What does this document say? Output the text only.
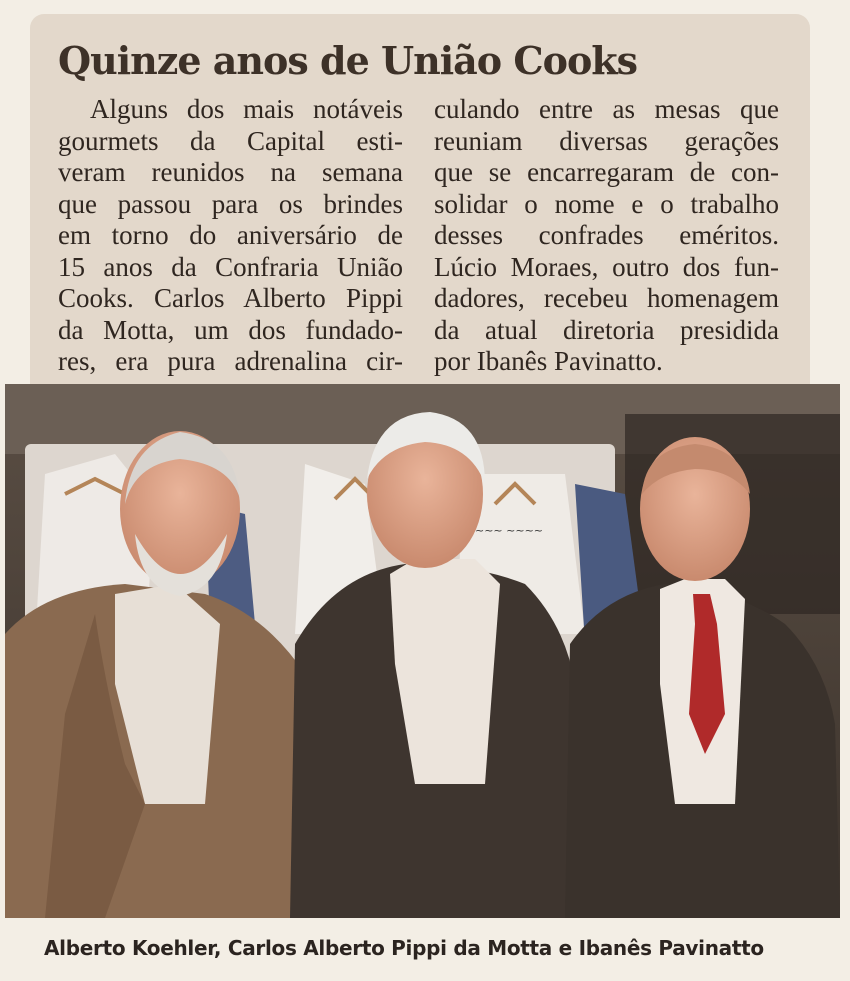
Quinze anos de União Cooks
Alguns dos mais notáveis
gourmets da Capital esti-
veram reunidos na semana
que passou para os brindes
em torno do aniversário de
15 anos da Confraria União
Cooks. Carlos Alberto Pippi
da Motta, um dos fundado-
res, era pura adrenalina cir-
culando entre as mesas que
reuniam diversas gerações
que se encarregaram de con-
solidar o nome e o trabalho
desses confrades eméritos.
Lúcio Moraes, outro dos fun-
dadores, recebeu homenagem
da atual diretoria presidida
por Ibanês Pavinatto.
~~~ ~~~~
Alberto Koehler, Carlos Alberto Pippi da Motta e Ibanês Pavinatto
